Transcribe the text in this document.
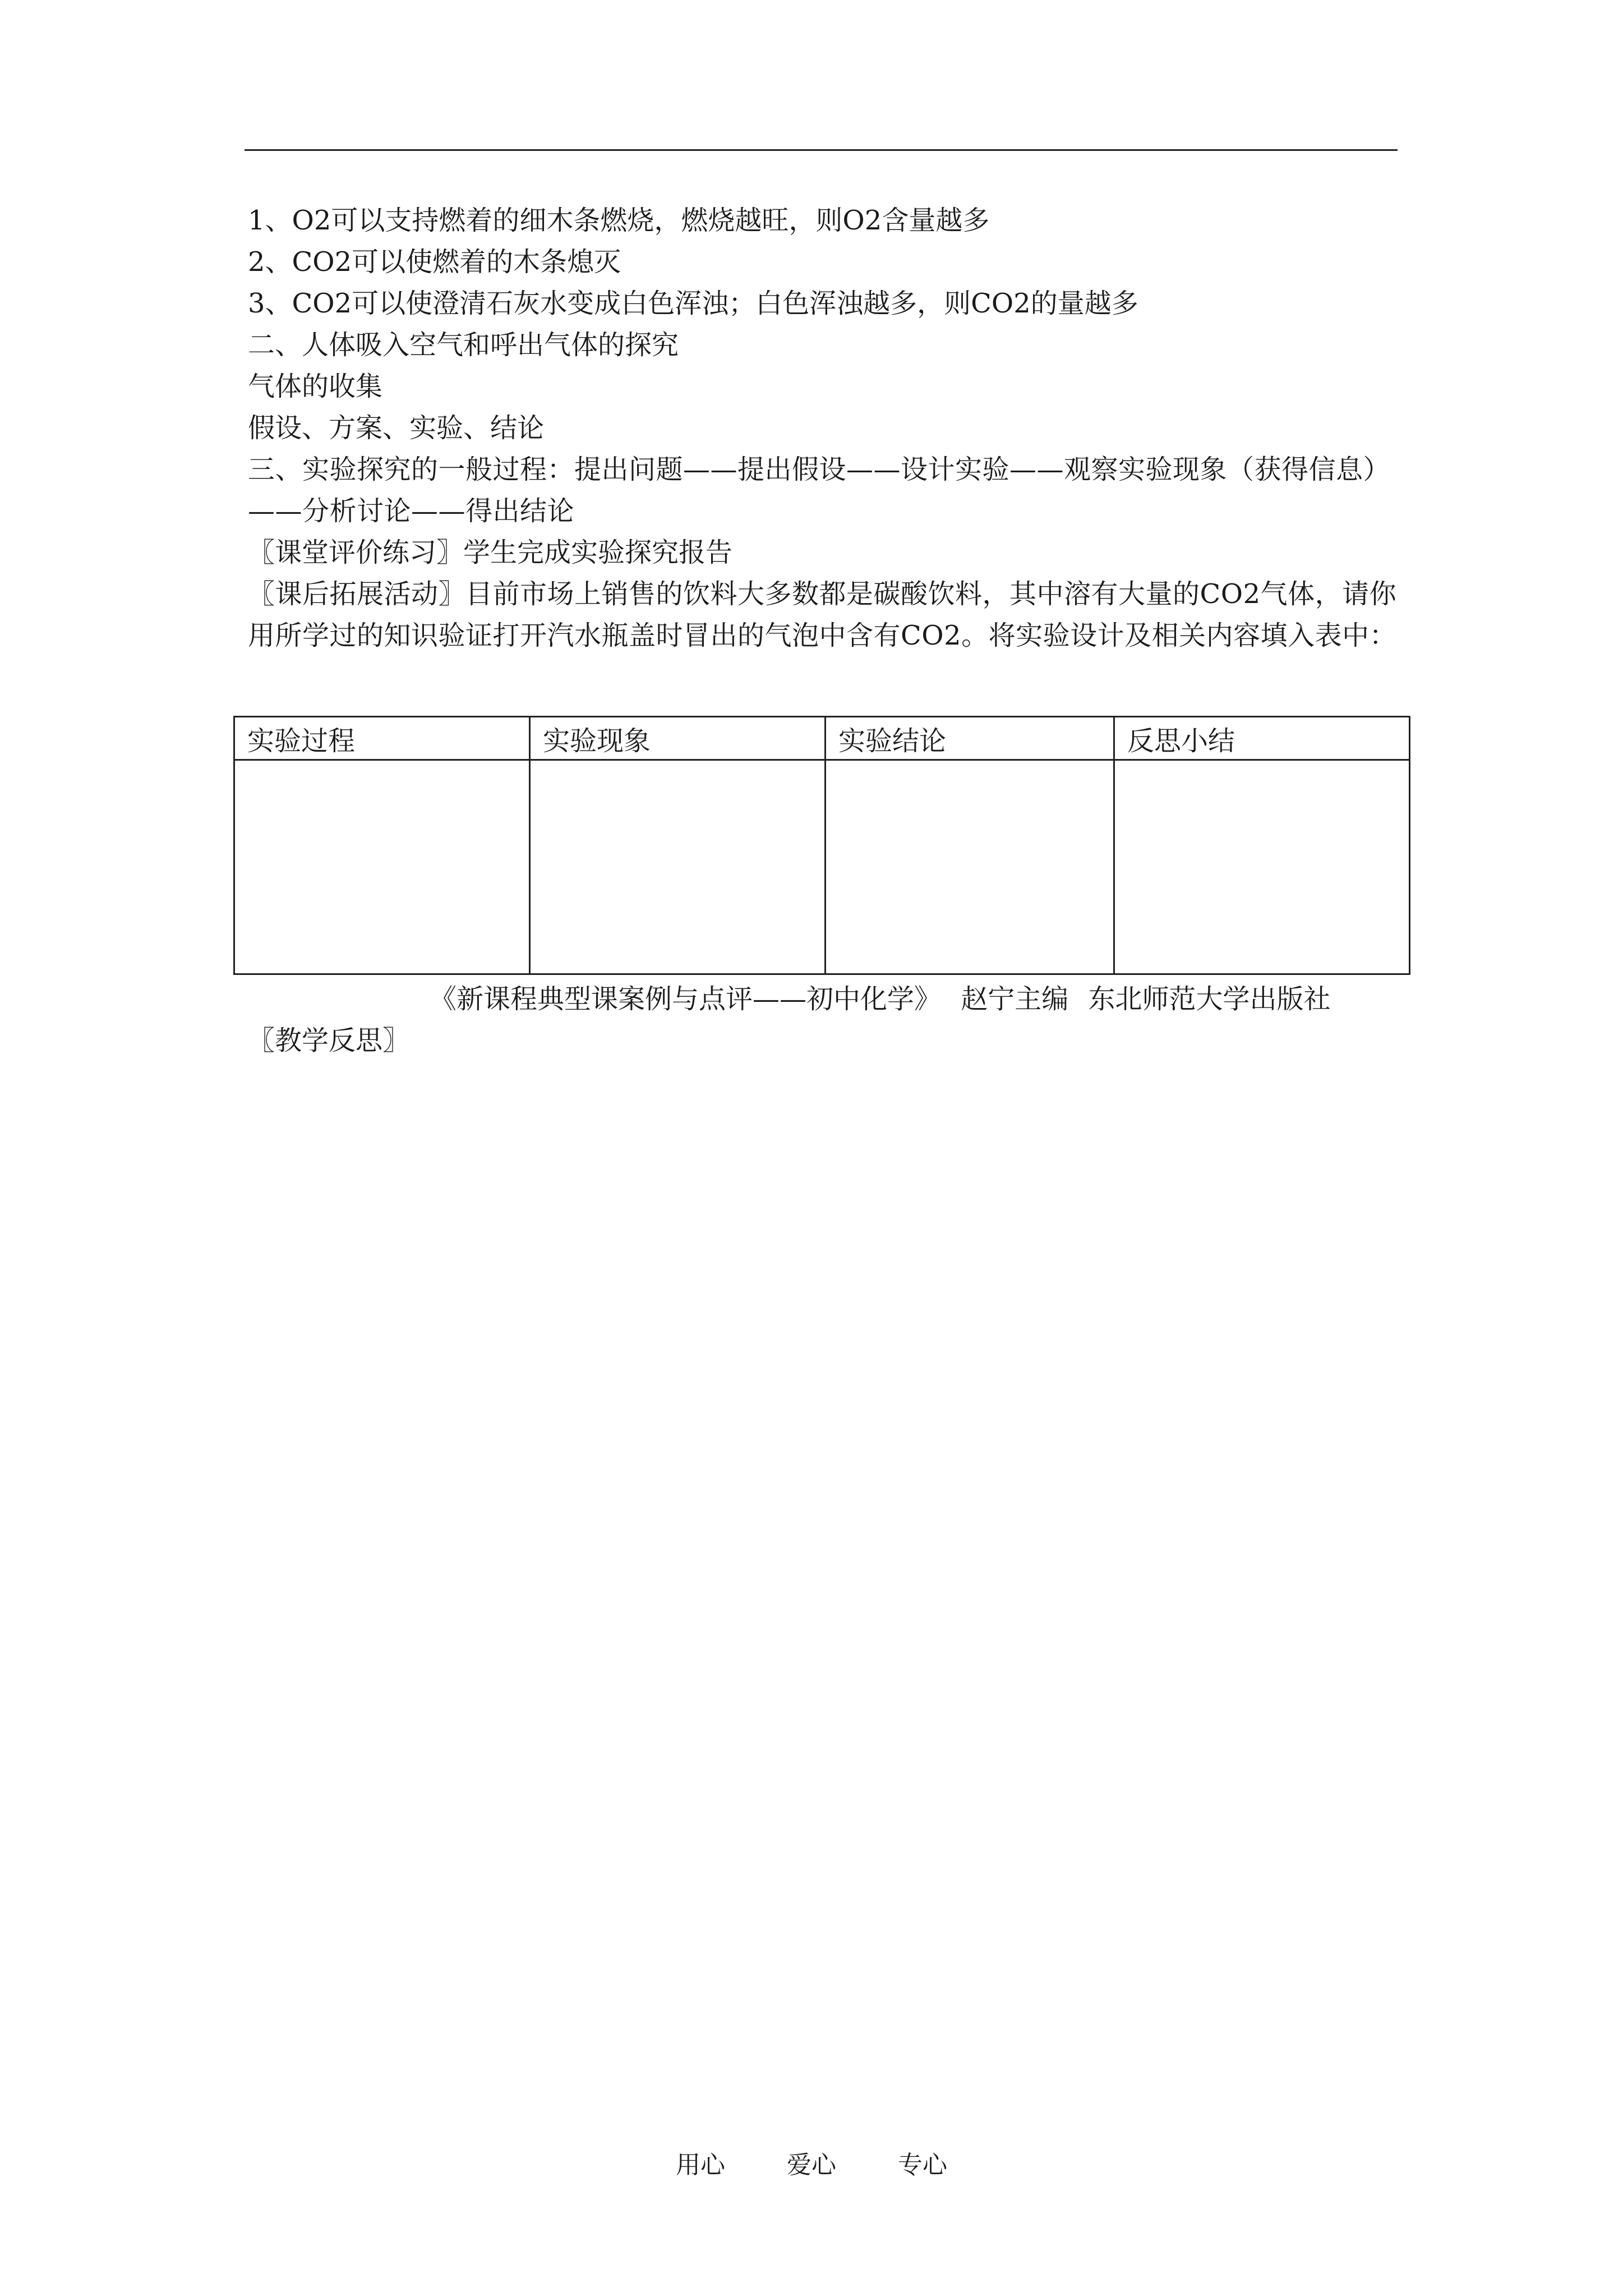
1、O2可以支持燃着的细木条燃烧，燃烧越旺，则O2含量越多
2、CO2可以使燃着的木条熄灭
3、CO2可以使澄清石灰水变成白色浑浊；白色浑浊越多，则CO2的量越多
二、人体吸入空气和呼出气体的探究
气体的收集
假设、方案、实验、结论
三、实验探究的一般过程：提出问题——提出假设——设计实验——观察实验现象（获得信息）——分析讨论——得出结论
〖课堂评价练习〗学生完成实验探究报告
〖课后拓展活动〗目前市场上销售的饮料大多数都是碳酸饮料，其中溶有大量的CO2气体，请你用所学过的知识验证打开汽水瓶盖时冒出的气泡中含有CO2。将实验设计及相关内容填入表中：
实验过程	实验现象	实验结论	反思小结

《新课程典型课案例与点评——初中化学》 赵宁主编 东北师范大学出版社
〖教学反思〗
用心	爱心	专心
